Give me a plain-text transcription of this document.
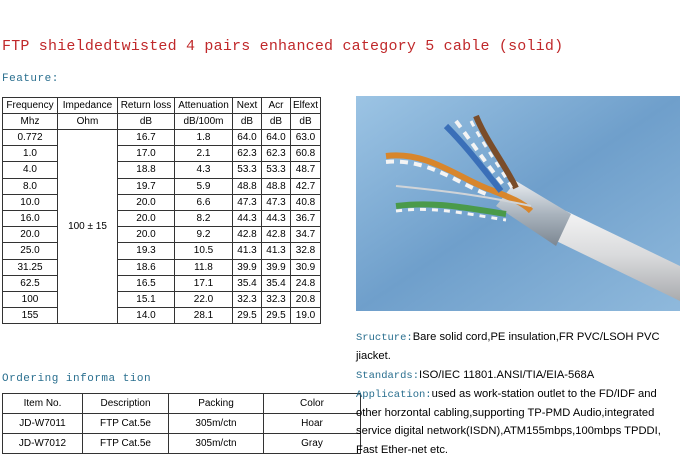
FTP shieldedtwisted 4 pairs enhanced category 5 cable (solid)
Feature:
Frequency	Impedance	Return loss	Attenuation	Next	Acr	Elfext
Mhz	Ohm	dB	dB/100m	dB	dB	dB
0.772	100 ± 15	16.7	1.8	64.0	64.0	63.0
1.0		17.0	2.1	62.3	62.3	60.8
4.0		18.8	4.3	53.3	53.3	48.7
8.0		19.7	5.9	48.8	48.8	42.7
10.0		20.0	6.6	47.3	47.3	40.8
16.0		20.0	8.2	44.3	44.3	36.7
20.0		20.0	9.2	42.8	42.8	34.7
25.0		19.3	10.5	41.3	41.3	32.8
31.25		18.6	11.8	39.9	39.9	30.9
62.5		16.5	17.1	35.4	35.4	24.8
100		15.1	22.0	32.3	32.3	20.8
155		14.0	28.1	29.5	29.5	19.0
Ordering informa tion
Item No.	Description	Packing	Color
JD-W7011	FTP Cat.5e	305m/ctn	Hoar
JD-W7012	FTP Cat.5e	305m/ctn	Gray
Sructure:Bare solid cord,PE insulation,FR PVC/LSOH PVC jiacket.
Standards:ISO/IEC 11801.ANSI/TIA/EIA-568A
Application:used as work-station outlet to the FD/IDF and other horzontal cabling,supporting TP-PMD Audio,integrated service digital network(ISDN),ATM155mbps,100mbps TPDDI, Fast Ether-net etc.
